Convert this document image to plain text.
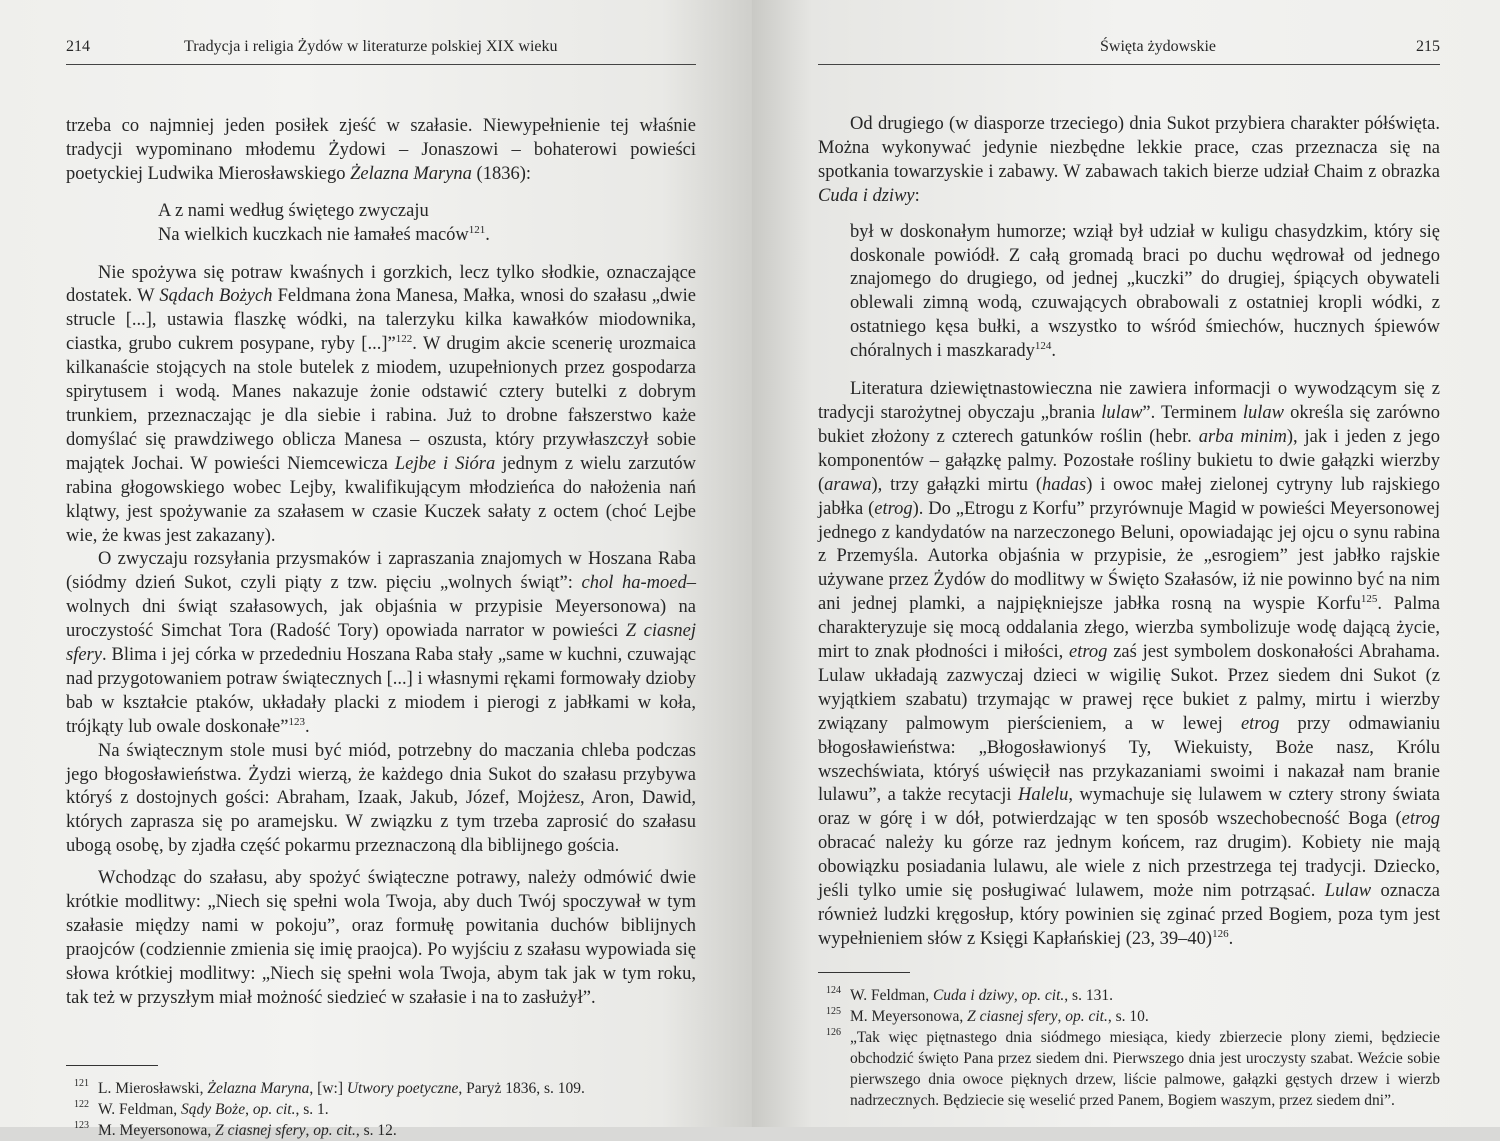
214	Tradycja i religia Żydów w literaturze polskiej XIX wieku

trzeba co najmniej jeden posiłek zjeść w szałasie. Niewypełnienie tej właśnie tradycji wypominano młodemu Żydowi – Jonaszowi – bohaterowi powieści poetyckiej Ludwika Mierosławskiego Żelazna Maryna (1836):

A z nami według świętego zwyczaju
Na wielkich kuczkach nie łamałeś maców$^{121}$.

Nie spożywa się potraw kwaśnych i gorzkich, lecz tylko słodkie, oznaczające dostatek. W Sądach Bożych Feldmana żona Manesa, Małka, wnosi do szałasu „dwie strucle [...], ustawia flaszkę wódki, na talerzyku kilka kawałków miodownika, ciastka, grubo cukrem posypane, ryby [...]”$^{122}$. W drugim akcie scenerię urozmaica kilkanaście stojących na stole butelek z miodem, uzupełnionych przez gospodarza spirytusem i wodą. Manes nakazuje żonie odstawić cztery butelki z dobrym trunkiem, przeznaczając je dla siebie i rabina. Już to drobne fałszerstwo każe domyślać się prawdziwego oblicza Manesa – oszusta, który przywłaszczył sobie majątek Jochai. W powieści Niemcewicza Lejbe i Sióra jednym z wielu zarzutów rabina głogowskiego wobec Lejby, kwalifikującym młodzieńca do nałożenia nań klątwy, jest spożywanie za szałasem w czasie Kuczek sałaty z octem (choć Lejbe wie, że kwas jest zakazany).

O zwyczaju rozsyłania przysmaków i zapraszania znajomych w Hoszana Raba (siódmy dzień Sukot, czyli piąty z tzw. pięciu „wolnych świąt”: chol ha-moed– wolnych dni świąt szałasowych, jak objaśnia w przypisie Meyersonowa) na uroczystość Simchat Tora (Radość Tory) opowiada narrator w powieści Z ciasnej sfery. Blima i jej córka w przededniu Hoszana Raba stały „same w kuchni, czuwając nad przygotowaniem potraw świątecznych [...] i własnymi rękami formowały dzioby bab w kształcie ptaków, układały placki z miodem i pierogi z jabłkami w koła, trójkąty lub owale doskonałe”$^{123}$.

Na świątecznym stole musi być miód, potrzebny do maczania chleba podczas jego błogosławieństwa. Żydzi wierzą, że każdego dnia Sukot do szałasu przybywa któryś z dostojnych gości: Abraham, Izaak, Jakub, Józef, Mojżesz, Aron, Dawid, których zaprasza się po aramejsku. W związku z tym trzeba zaprosić do szałasu ubogą osobę, by zjadła część pokarmu przeznaczoną dla biblijnego gościa.

Wchodząc do szałasu, aby spożyć świąteczne potrawy, należy odmówić dwie krótkie modlitwy: „Niech się spełni wola Twoja, aby duch Twój spoczywał w tym szałasie między nami w pokoju”, oraz formułę powitania duchów biblijnych praojców (codziennie zmienia się imię praojca). Po wyjściu z szałasu wypowiada się słowa krótkiej modlitwy: „Niech się spełni wola Twoja, abym tak jak w tym roku, tak też w przyszłym miał możność siedzieć w szałasie i na to zasłużył”.

121 L. Mierosławski, Żelazna Maryna, [w:] Utwory poetyczne, Paryż 1836, s. 109.
122 W. Feldman, Sądy Boże, op. cit., s. 1.
123 M. Meyersonowa, Z ciasnej sfery, op. cit., s. 12.
Święta żydowskie	215

Od drugiego (w diasporze trzeciego) dnia Sukot przybiera charakter półświęta. Można wykonywać jedynie niezbędne lekkie prace, czas przeznacza się na spotkania towarzyskie i zabawy. W zabawach takich bierze udział Chaim z obrazka Cuda i dziwy:

był w doskonałym humorze; wziął był udział w kuligu chasydzkim, który się doskonale powiódł. Z całą gromadą braci po duchu wędrował od jednego znajomego do drugiego, od jednej „kuczki” do drugiej, śpiących obywateli oblewali zimną wodą, czuwających obrabowali z ostatniej kropli wódki, z ostatniego kęsa bułki, a wszystko to wśród śmiechów, hucznych śpiewów chóralnych i maszkarady$^{124}$.

Literatura dziewiętnastowieczna nie zawiera informacji o wywodzącym się z tradycji starożytnej obyczaju „brania lulaw”. Terminem lulaw określa się zarówno bukiet złożony z czterech gatunków roślin (hebr. arba minim), jak i jeden z jego komponentów – gałązkę palmy. Pozostałe rośliny bukietu to dwie gałązki wierzby (arawa), trzy gałązki mirtu (hadas) i owoc małej zielonej cytryny lub rajskiego jabłka (etrog). Do „Etrogu z Korfu” przyrównuje Magid w powieści Meyersonowej jednego z kandydatów na narzeczonego Beluni, opowiadając jej ojcu o synu rabina z Przemyśla. Autorka objaśnia w przypisie, że „esrogiem” jest jabłko rajskie używane przez Żydów do modlitwy w Święto Szałasów, iż nie powinno być na nim ani jednej plamki, a najpiękniejsze jabłka rosną na wyspie Korfu$^{125}$. Palma charakteryzuje się mocą oddalania złego, wierzba symbolizuje wodę dającą życie, mirt to znak płodności i miłości, etrog zaś jest symbolem doskonałości Abrahama. Lulaw układają zazwyczaj dzieci w wigilię Sukot. Przez siedem dni Sukot (z wyjątkiem szabatu) trzymając w prawej ręce bukiet z palmy, mirtu i wierzby związany palmowym pierścieniem, a w lewej etrog przy odmawianiu błogosławieństwa: „Błogosławionyś Ty, Wiekuisty, Boże nasz, Królu wszechświata, któryś uświęcił nas przykazaniami swoimi i nakazał nam branie lulawu”, a także recytacji Halelu, wymachuje się lulawem w cztery strony świata oraz w górę i w dół, potwierdzając w ten sposób wszechobecność Boga (etrog obracać należy ku górze raz jednym końcem, raz drugim). Kobiety nie mają obowiązku posiadania lulawu, ale wiele z nich przestrzega tej tradycji. Dziecko, jeśli tylko umie się posługiwać lulawem, może nim potrząsać. Lulaw oznacza również ludzki kręgosłup, który powinien się zginać przed Bogiem, poza tym jest wypełnieniem słów z Księgi Kapłańskiej (23, 39–40)$^{126}$.

124 W. Feldman, Cuda i dziwy, op. cit., s. 131.
125 M. Meyersonowa, Z ciasnej sfery, op. cit., s. 10.
126 „Tak więc piętnastego dnia siódmego miesiąca, kiedy zbierzecie plony ziemi, będziecie obchodzić święto Pana przez siedem dni. Pierwszego dnia jest uroczysty szabat. Weźcie sobie pierwszego dnia owoce pięknych drzew, liście palmowe, gałązki gęstych drzew i wierzb nadrzecznych. Będziecie się weselić przed Panem, Bogiem waszym, przez siedem dni”.
